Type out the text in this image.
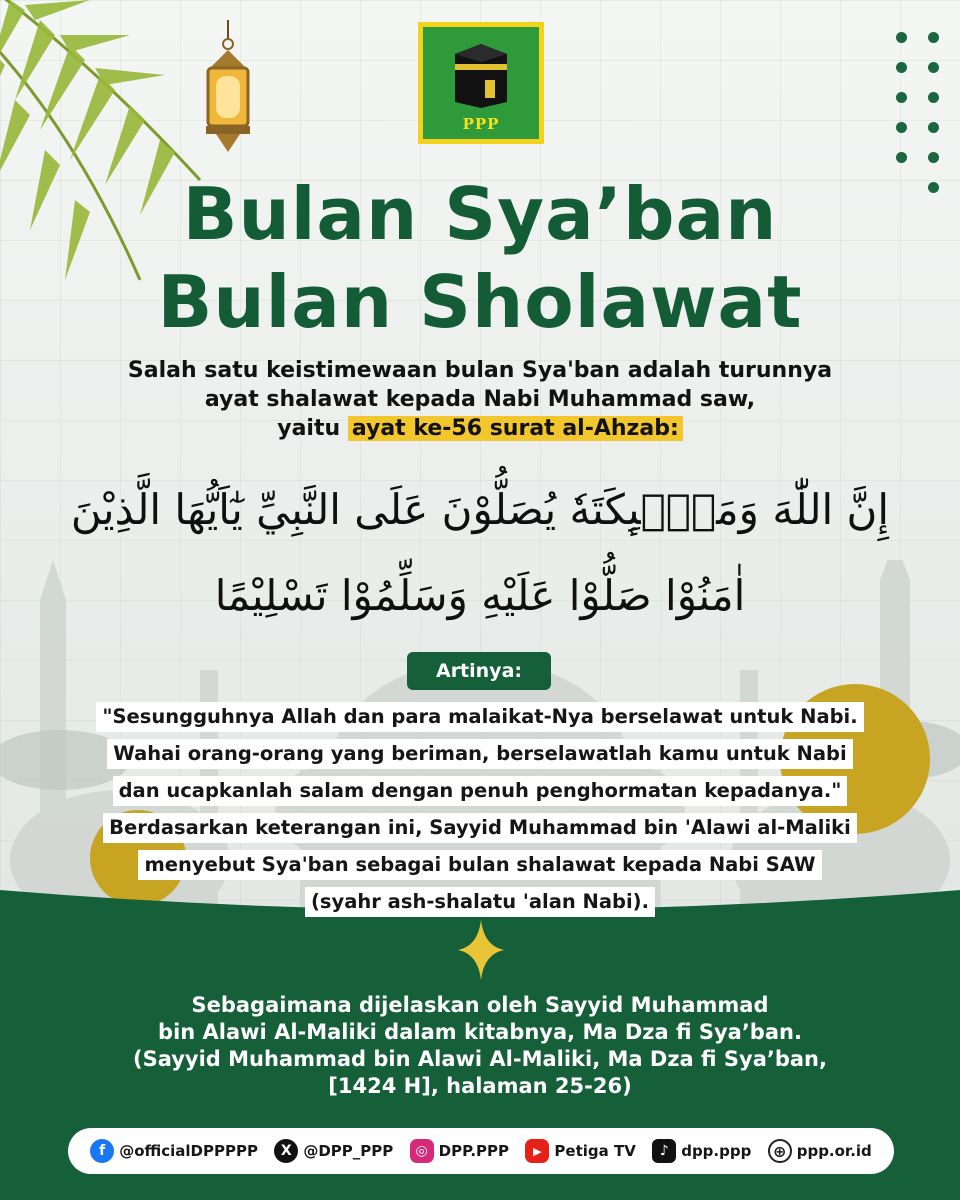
PPP
Bulan Sya’ban
Bulan Sholawat
Salah satu keistimewaan bulan Sya'ban adalah turunnya
ayat shalawat kepada Nabi Muhammad saw,
yaitu ayat ke-56 surat al-Ahzab:
إِنَّ اللّٰهَ وَمَلٰۤىِٕكَتَهٗ يُصَلُّوْنَ عَلَى النَّبِيِّ يٰٓاَيُّهَا الَّذِيْنَ
اٰمَنُوْا صَلُّوْا عَلَيْهِ وَسَلِّمُوْا تَسْلِيْمًا
Artinya:
"Sesungguhnya Allah dan para malaikat-Nya berselawat untuk Nabi.
Wahai orang-orang yang beriman, berselawatlah kamu untuk Nabi
dan ucapkanlah salam dengan penuh penghormatan kepadanya."
Berdasarkan keterangan ini, Sayyid Muhammad bin 'Alawi al-Maliki
menyebut Sya'ban sebagai bulan shalawat kepada Nabi SAW
(syahr ash-shalatu 'alan Nabi).
Sebagaimana dijelaskan oleh Sayyid Muhammad
bin Alawi Al-Maliki dalam kitabnya, Ma Dza fi Sya’ban.
(Sayyid Muhammad bin Alawi Al-Maliki, Ma Dza fi Sya’ban,
[1424 H], halaman 25-26)
f @officialDPPPPP	X @DPP_PPP	◎ DPP.PPP	▶ Petiga TV	♪ dpp.ppp	⊕ ppp.or.id
